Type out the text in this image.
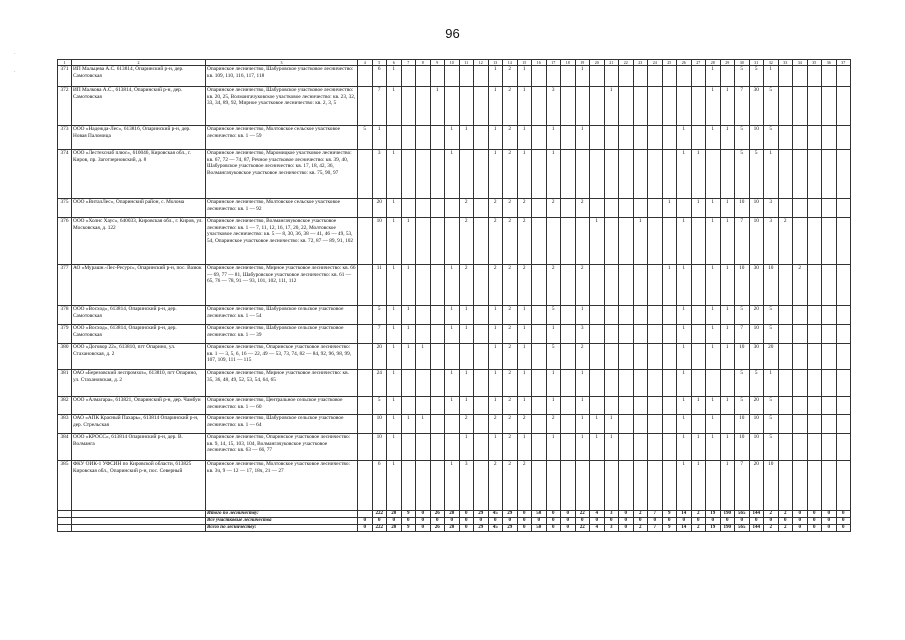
96
·
·
1	2	3	4	5	6	7	8	9	10	11	12	13	14	15	16	17	18	19	20	21	22	23	24	25	26	27	28	29	30	31	32	33	34	35	36	37
371	ИП Мальцева А.С. 613814, Опаринский р-н, дер. Самотовская	Опаринское лесничество, Шабуровское участковое лесничество: кв. 109, 110, 116, 117, 118		6	1							1	2	1				1									1		5	5	1					
372	ИП Малкова А.С., 613814, Опаринский р-н, дер. Самотовская	Опаринское лесничество, Шабуровское участковое лесничество: кв. 20, 25, Волмангачуковское участковое лесничество: кв. 23, 32, 33, 34, 89, 92, Мирное участковое лесничество: кв. 2, 3, 5		7	1			1				1	2	1		3				1							1	1	7	30	5					
373	ООО «Надежда-Лес», 613816, Опаринский р-н, дер. Новая Паломица	Опаринское лесничество, Молтовское сельское участковое лесничество: кв. 1 — 59	5	1					1	1		1	2	1		1		1							1		1	1	5	10	5					
374	ООО «Лестехснаб плюс», 610046, Кировская обл., г. Киров, пр. Заготзерновский, д. 8	Опаринское лесничество, Маромицкое участковое лесничество: кв. 67, 72 — 74, 87, Речное участковое лесничество: кв. 39, 40, Шабуровское участковое лесничество: кв. 17, 18, 42, 36, Волмангачуковское участковое лесничество: кв. 75, 90, 97		3	1				1			1	2	1		1									1	1			5	5	1					
375	ООО «ВиталЛес», Опаринский район, с. Молома	Опаринское лесничество, Молтовское сельское участковое лесничество: кв. 1 — 92		20	1					2		2	2	2		2		2						1		1	1	1	10	10	3					
376	ООО «Холнс Хаус», 640033, Кировская обл., г. Киров, ул. Московская, д. 122	Опаринское лесничество, Волмангачуковское участковое лесничество: кв. 1 — 7, 11, 12, 16, 17, 20, 22, Молтовское участковое лесничество: кв. 5 — 8, 30, 36, 38 — 41, 46 — 49, 53, 54, Опаринское участковое лесничество: кв. 72, 87 — 89, 91, 102		10	1	1				2		2	2	2					1			1			1		1	1	7	10	3	2				
377	АО «Мурашн.-Лес-Ресурс», Опаринский р-н, пос. Вазюк	Опаринское лесничество, Мирное участковое лесничество: кв. 66 — 69, 77 — 81, Шабуровское участковое лесничество: кв. 61 — 65, 76 — 78, 91 — 93, 101, 102, 111, 112		11	1	1			1	2		2	2	2		2		2						1	1		1	1	10	30	10		2			
378	ООО «Восход», 613814, Опаринский р-н, дер. Самотовская	Опаринское лесничество, Шабуровское сельское участковое лесничество: кв. 1 — 54		5	1	1			1	1		1	2	1		5		1							1		1	1	5	20	5					
379	ООО «Восход», 613814, Опаринский р-н, дер. Самотовская	Опаринское лесничество, Шабуровское сельское участковое лесничество: кв. 1 — 39		7	1	1			1	1		1	2	1		1		3							1		1	1	7	10	5					
380	ООО «Договор 22», 613810, пгт Опарино, ул. Стахановская, д. 2	Опаринское лесничество, Опаринское участковое лесничество: кв. 1 — 3, 5, 6, 16 — 22, 49 — 53, 73, 74, 82 — 84, 92, 96, 98, 99, 107, 109, 111 — 115		20	1	1	1					1	2	1		5		2							1		1	1	10	30	20					
381	ОАО «Березовский леспромхоз», 613810, пгт Опарино, ул. Стахановская, д. 2	Опаринское лесничество, Мирное участковое лесничество: кв. 35, 36, 48, 49, 52, 53, 54, 64, 65		24	1				1	1		1	2	1		1		1							1				5	5	1					
382	ООО «Алмагара», 613821, Опаринский р-н, дер. Чамбуи	Опаринское лесничество, Центральное сельское участковое лесничество: кв. 1 — 60		5	1				1	1		1	2	1		1		1							1	1	1	1	5	20	5					
383	ОАО «АПК Красный Пахарь», 613814 Опаринский р-н, дер. Стрельская	Опаринское лесничество, Шабуровское сельское участковое лесничество: кв. 1 — 64		10	1	1	1			2		2	2	2		2		1	1	1					1		1		10	10	5					
384	ООО «КРОСС», 613814 Опаринский р-н, дер. В. Волманга	Опаринское лесничество, Опаринское участковое лесничество: кв. 9, 14, 15, 103, 104, Волмангачуковское участковое лесничество: кв. 63 — 66, 77		10	1					1		1	2	1		1		1	1	1					1	1	1	1	10	10	5					
385	ФКУ ОИК-1 УФСИН по Кировской области, 613825 Кировская обл., Опаринский р-н, пос. Северный	Опаринское лесничество, Молтовское участковое лесничество: кв. 3ч, 9 — 12 — 17, 18ч, 21 — 27		6	1				1	3		2	2	2											1	1		1	7	20	10					
		Итого по лесничеству:		222	20	9	0	26	20	0	29	45	29	0	50	0	0	22	4	3	0	2	7	9	14	2	19	190	565	144	2	2	0	0	0	0
		Все участковые лесничества	0	0	0	0	0	0	0	0	0	0	0	0	0	0	0	0	0	0	0	0	0	0	0	0	0	0	0	0	0	0	0	0	0	0
		Всего по лесничеству:	0	222	20	9	0	26	20	0	29	45	29	0	50	0	0	22	4	3	0	2	7	9	14	2	19	190	565	144	2	2	0	0	0	0
